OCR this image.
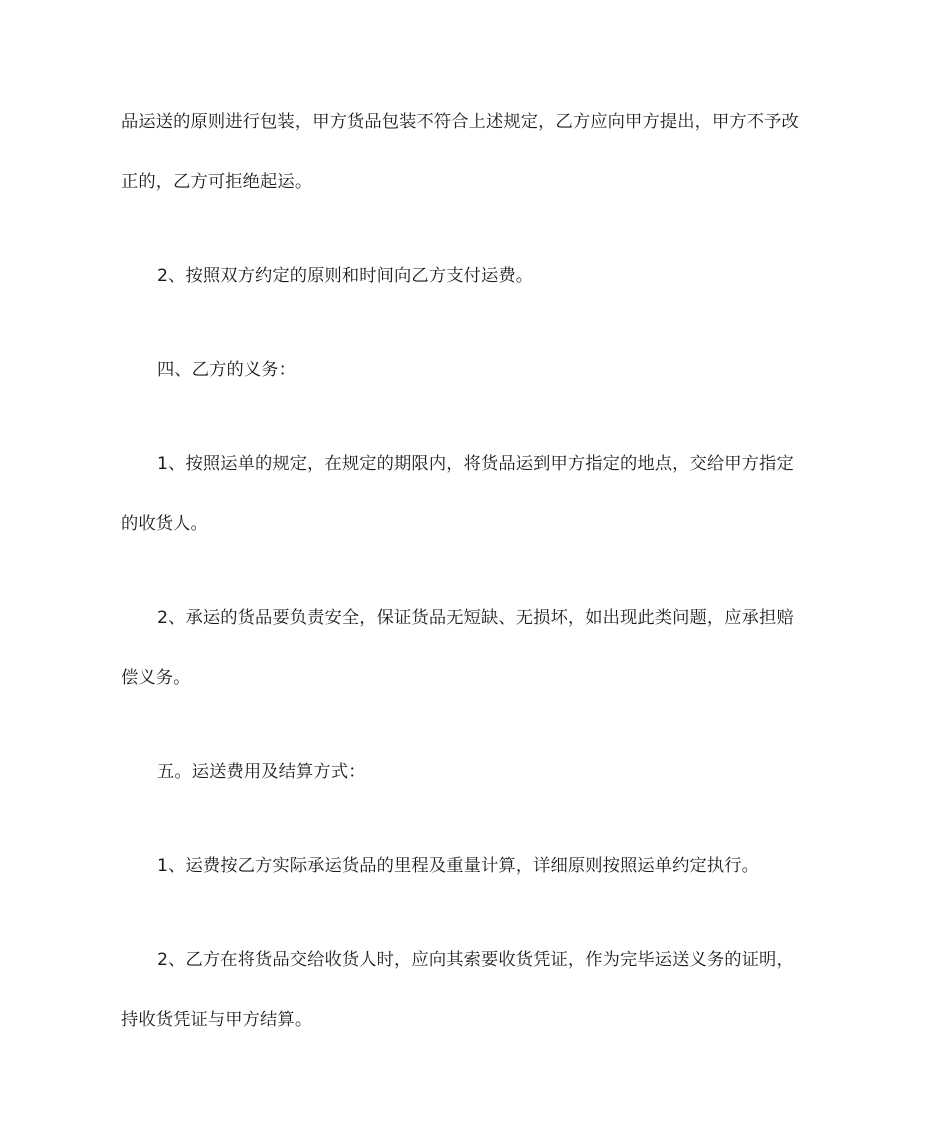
品运送的原则进行包装，甲方货品包装不符合上述规定，乙方应向甲方提出，甲方不予改
正的，乙方可拒绝起运。

2、按照双方约定的原则和时间向乙方支付运费。

四、乙方的义务：

1、按照运单的规定，在规定的期限内，将货品运到甲方指定的地点，交给甲方指定
的收货人。

2、承运的货品要负责安全，保证货品无短缺、无损坏，如出现此类问题，应承担赔
偿义务。

五。运送费用及结算方式：

1、运费按乙方实际承运货品的里程及重量计算，详细原则按照运单约定执行。

2、乙方在将货品交给收货人时，应向其索要收货凭证，作为完毕运送义务的证明，
持收货凭证与甲方结算。
